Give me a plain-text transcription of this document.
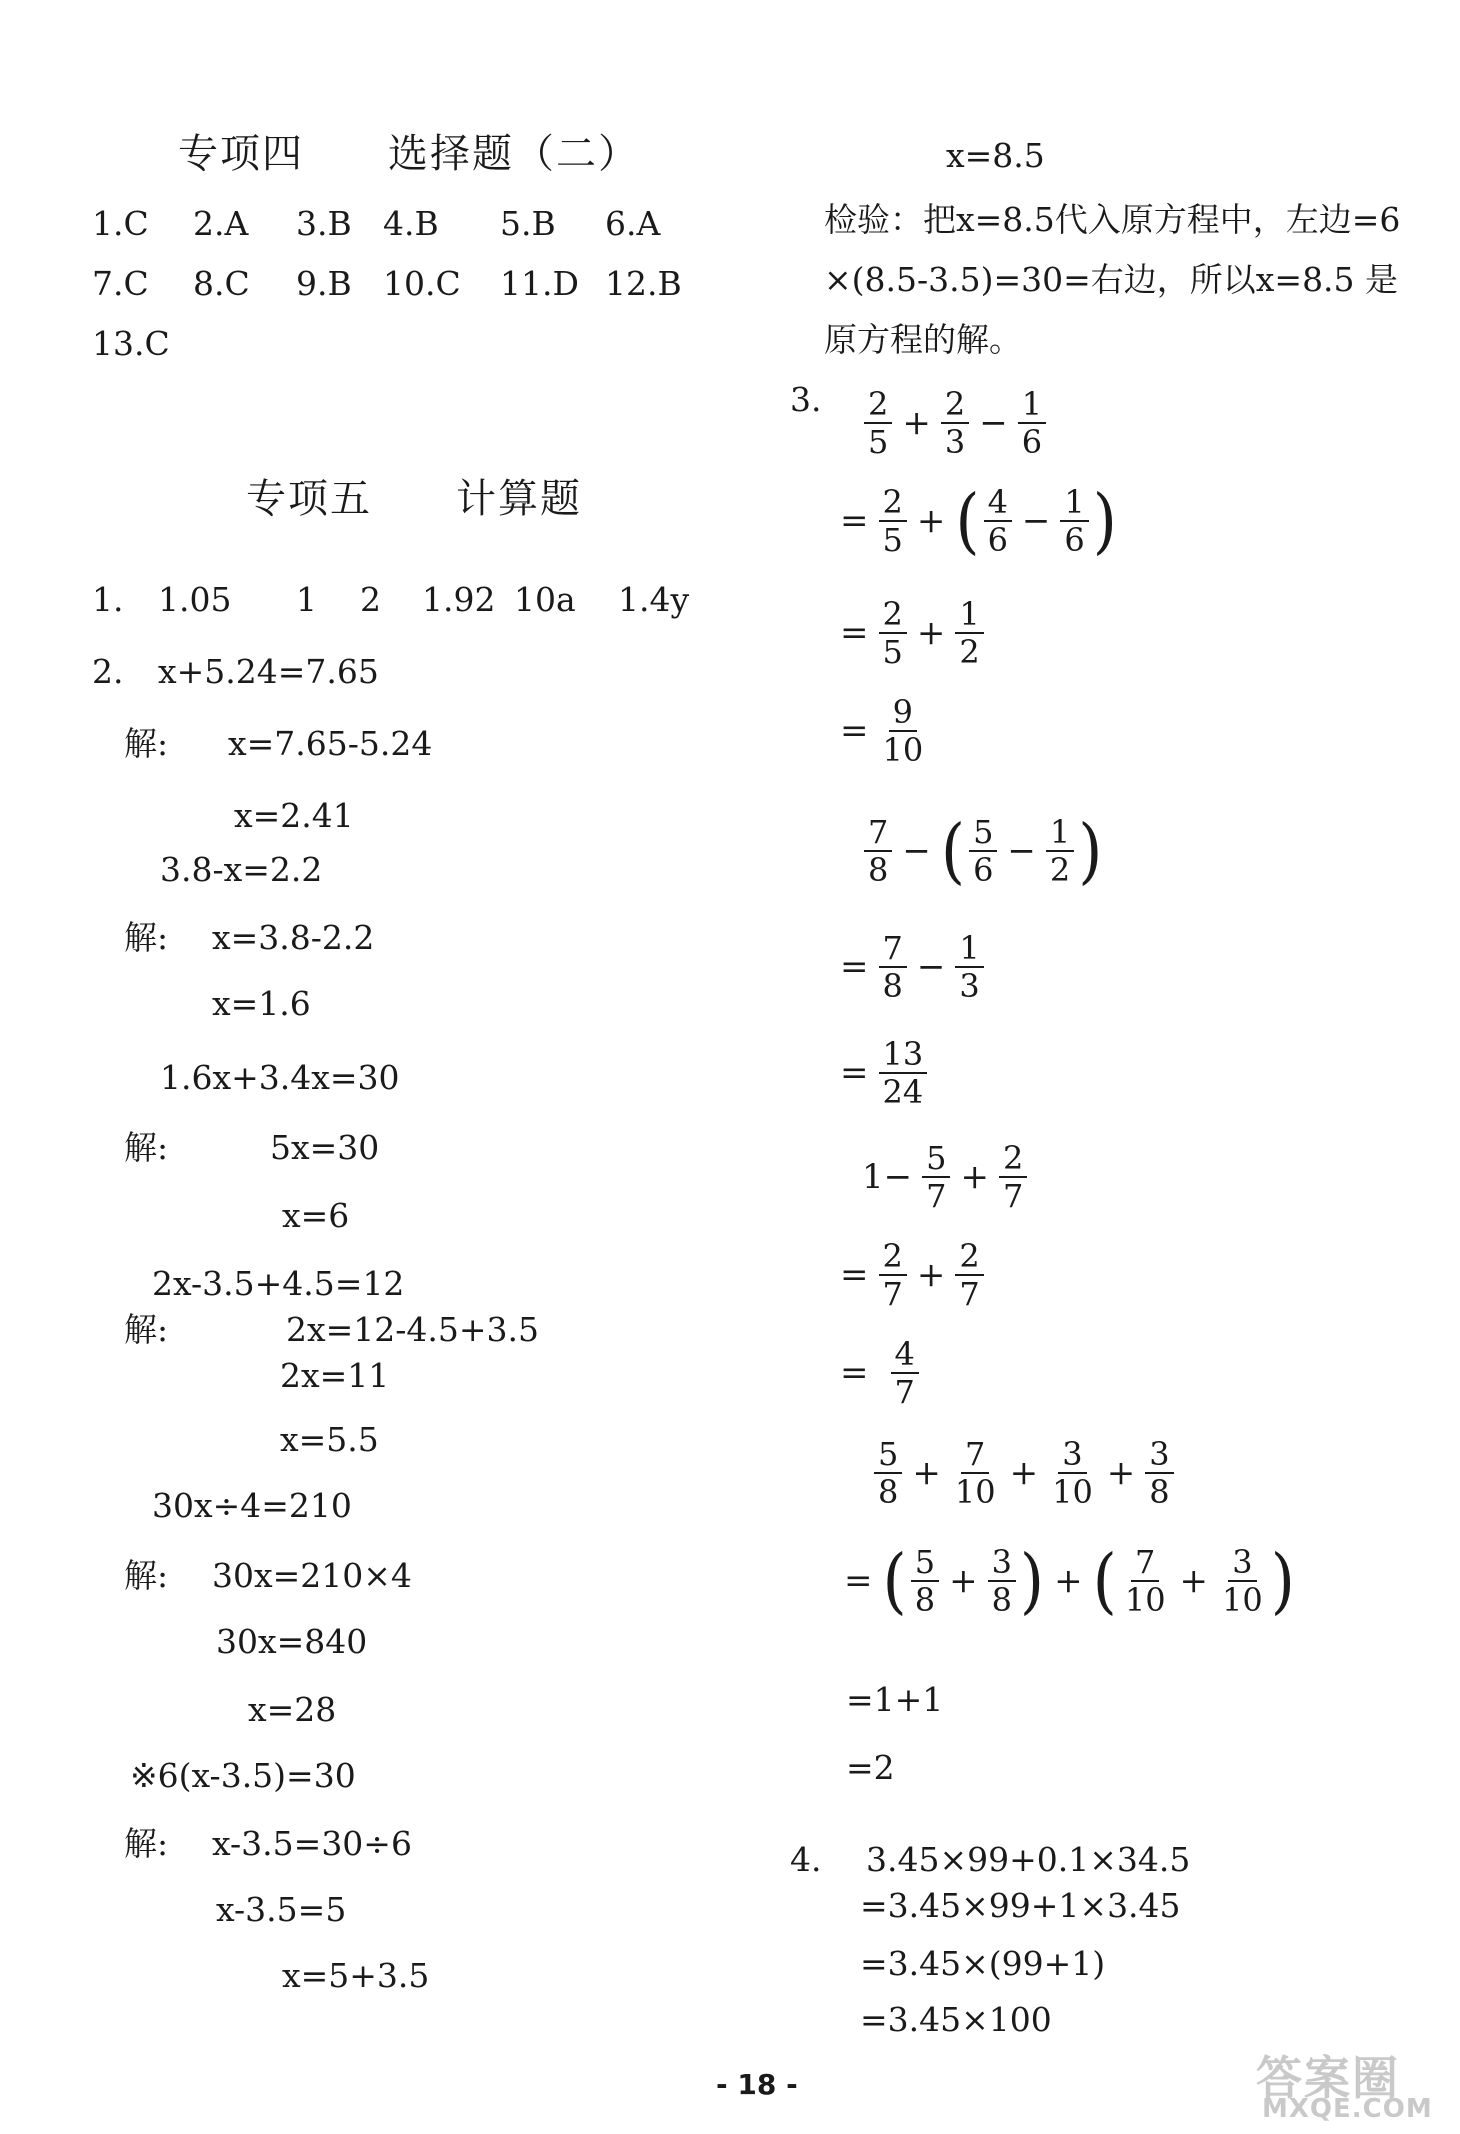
专项四　　选择题（二）
1.C 2.A 3.B 4.B 5.B 6.A
7.C 8.C 9.B 10.C 11.D 12.B
13.C
专项五　　计算题
1. 1.05 1 2 1.92 10a 1.4y
2. x+5.24=7.65
解: x=7.65-5.24
x=2.41
3.8-x=2.2
解: x=3.8-2.2
x=1.6
1.6x+3.4x=30
解:	5x=30
x=6
2x-3.5+4.5=12
解:	2x=12-4.5+3.5
2x=11
x=5.5
30x÷4=210
解: 30x=210×4
30x=840
x=28
※6(x-3.5)=30
解: x-3.5=30÷6
x-3.5=5
x=5+3.5
x=8.5
检验：把x=8.5代入原方程中，左边=6
×(8.5-3.5)=30=右边，所以x=8.5 是
原方程的解。
3. $\frac{2}{5} + \frac{2}{3} - \frac{1}{6}$
= $\frac{2}{5}$ + ( $\frac{4}{6} - \frac{1}{6}$ )
= $\frac{2}{5} + \frac{1}{2}$
= $\frac{9}{10}$
$\frac{7}{8}$ − ( $\frac{5}{6} - \frac{1}{2}$ )
= $\frac{7}{8} - \frac{1}{3}$
= $\frac{13}{24}$
$1- \frac{5}{7} + \frac{2}{7}$
= $\frac{2}{7} + \frac{2}{7}$
= $\frac{4}{7}$
$\frac{5}{8} + \frac{7}{10} + \frac{3}{10} + \frac{3}{8}$
= ( $\frac{5}{8} + \frac{3}{8}$ ) + ( $\frac{7}{10} + \frac{3}{10}$ )
=1+1
=2
4. 3.45×99+0.1×34.5
=3.45×99+1×3.45
=3.45×(99+1)
=3.45×100
- 18 -	答案圈
MXQE.COM
